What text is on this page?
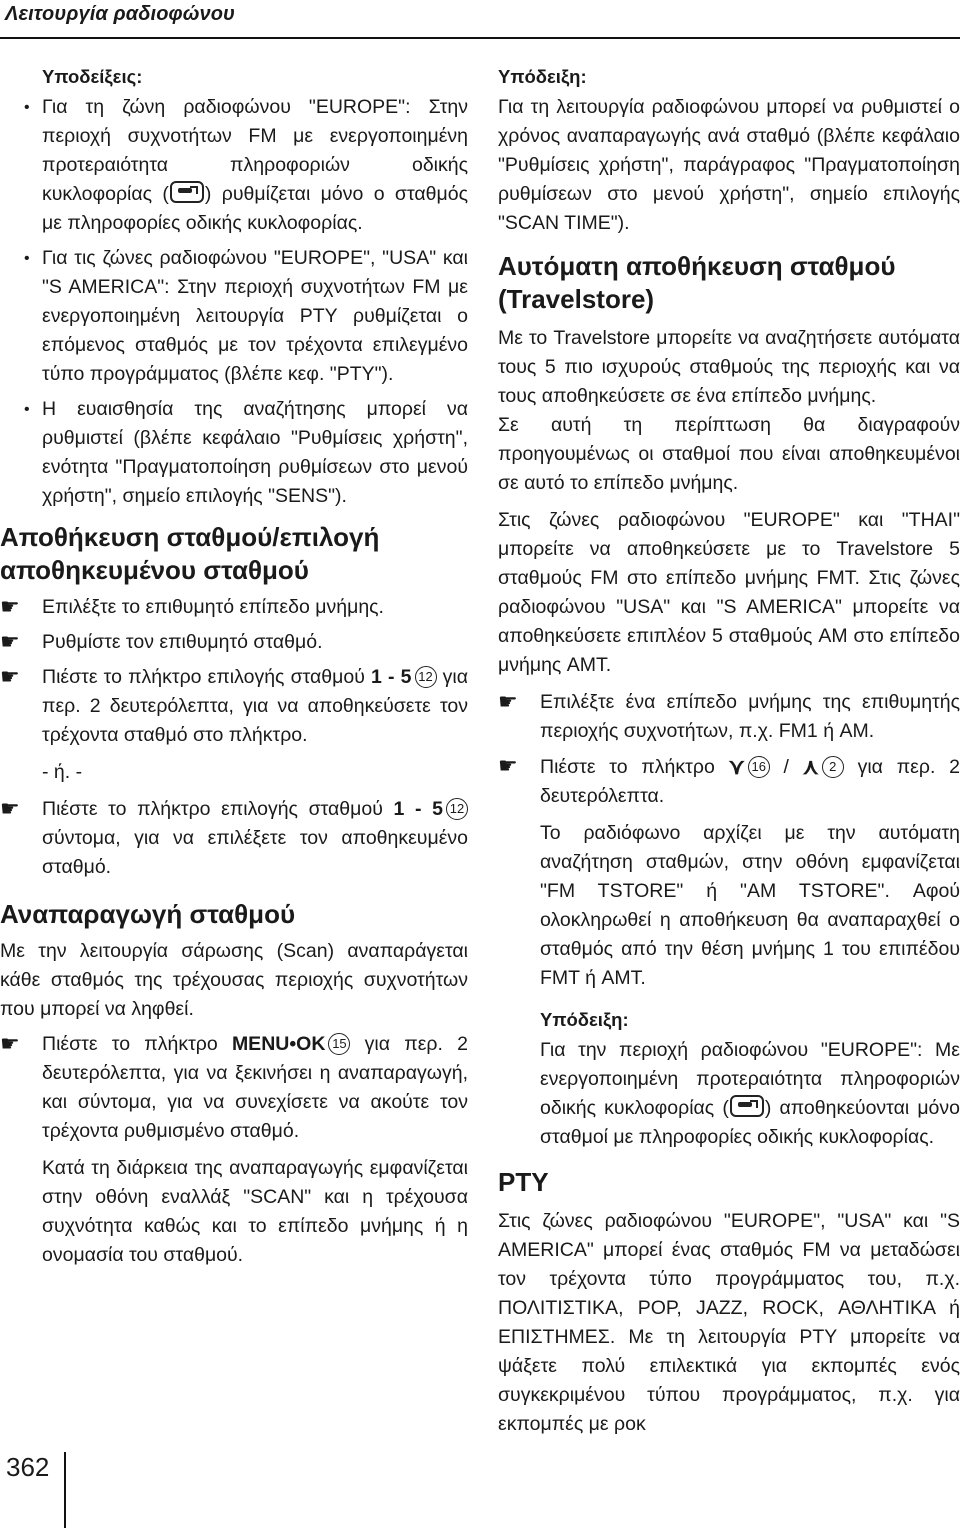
Λειτουργία ραδιοφώνου

Υποδείξεις:

• Για τη ζώνη ραδιοφώνου "EUROPE": Στην περιοχή συχνοτήτων FM με ενεργοποιημένη προτεραιότητα πληροφοριών οδικής κυκλοφορίας ( ) ρυθμίζεται μόνο ο σταθμός με πληροφορίες οδικής κυκλοφορίας.
• Για τις ζώνες ραδιοφώνου "EUROPE", "USA" και "S AMERICA": Στην περιοχή συχνοτήτων FM με ενεργοποιημένη λειτουργία PTY ρυθμίζεται ο επόμενος σταθμός με τον τρέχοντα επιλεγμένο τύπο προγράμματος (βλέπε κεφ. "PTY").
• Η ευαισθησία της αναζήτησης μπορεί να ρυθμιστεί (βλέπε κεφάλαιο "Ρυθμίσεις χρήστη", ενότητα "Πραγματοποίηση ρυθμίσεων στο μενού χρήστη", σημείο επιλογής "SENS").
Αποθήκευση σταθμού/επιλογή αποθηκευμένου σταθμού

☛ Επιλέξτε το επιθυμητό επίπεδο μνήμης.

☛ Ρυθμίστε τον επιθυμητό σταθμό.

☛ Πιέστε το πλήκτρο επιλογής σταθμού 1 - 5 12 για περ. 2 δευτερόλεπτα, για να αποθηκεύσετε τον τρέχοντα σταθμό στο πλήκτρο.

- ή. -

☛ Πιέστε το πλήκτρο επιλογής σταθμού 1 - 5 12 σύντομα, για να επιλέξετε τον αποθηκευμένο σταθμό.

Αναπαραγωγή σταθμού

Με την λειτουργία σάρωσης (Scan) αναπαράγεται κάθε σταθμός της τρέχουσας περιοχής συχνοτήτων που μπορεί να ληφθεί.

☛ Πιέστε το πλήκτρο MENU•OK 15 για περ. 2 δευτερόλεπτα, για να ξεκινήσει η αναπαραγωγή, και σύντομα, για να συνεχίσετε να ακούτε τον τρέχοντα ρυθμισμένο σταθμό.

Κατά τη διάρκεια της αναπαραγωγής εμφανίζεται στην οθόνη εναλλάξ "SCAN" και η τρέχουσα συχνότητα καθώς και το επίπεδο μνήμης ή η ονομασία του σταθμού.

Υπόδειξη:

Για τη λειτουργία ραδιοφώνου μπορεί να ρυθμιστεί ο χρόνος αναπαραγωγής ανά σταθμό (βλέπε κεφάλαιο "Ρυθμίσεις χρήστη", παράγραφος "Πραγματοποίηση ρυθμίσεων στο μενού χρήστη", σημείο επιλογής "SCAN TIME").

Αυτόματη αποθήκευση σταθμού (Travelstore)

Με το Travelstore μπορείτε να αναζητήσετε αυτόματα τους 5 πιο ισχυρούς σταθμούς της περιοχής και να τους αποθηκεύσετε σε ένα επίπεδο μνήμης.

Σε αυτή τη περίπτωση θα διαγραφούν προηγουμένως οι σταθμοί που είναι αποθηκευμένοι σε αυτό το επίπεδο μνήμης.

Στις ζώνες ραδιοφώνου "EUROPE" και "THAI" μπορείτε να αποθηκεύσετε με το Travelstore 5 σταθμούς FM στο επίπεδο μνήμης FMT. Στις ζώνες ραδιοφώνου "USA" και "S AMERICA" μπορείτε να αποθηκεύσετε επιπλέον 5 σταθμούς AM στο επίπεδο μνήμης AMT.

☛ Επιλέξτε ένα επίπεδο μνήμης της επιθυμητής περιοχής συχνοτήτων, π.χ. FM1 ή AM.

☛ Πιέστε το πλήκτρο ⋎ 16 / ⋏ 2 για περ. 2 δευτερόλεπτα.

Το ραδιόφωνο αρχίζει με την αυτόματη αναζήτηση σταθμών, στην οθόνη εμφανίζεται "FM TSTORE" ή "AM TSTORE". Αφού ολοκληρωθεί η αποθήκευση θα αναπαραχθεί ο σταθμός από την θέση μνήμης 1 του επιπέδου FMT ή AMT.

Υπόδειξη:

Για την περιοχή ραδιοφώνου "EUROPE": Με ενεργοποιημένη προτεραιότητα πληροφοριών οδικής κυκλοφορίας ( ) αποθηκεύονται μόνο σταθμοί με πληροφορίες οδικής κυκλοφορίας.

PTY

Στις ζώνες ραδιοφώνου "EUROPE", "USA" και "S AMERICA" μπορεί ένας σταθμός FM να μεταδώσει τον τρέχοντα τύπο προγράμματος του, π.χ. ΠΟΛΙΤΙΣΤΙΚΑ, POP, JAZZ, ROCK, ΑΘΛΗΤΙΚΑ ή ΕΠΙΣΤΗΜΕΣ. Με τη λειτουργία PTY μπορείτε να ψάξετε πολύ επιλεκτικά για εκπομπές ενός συγκεκριμένου τύπου προγράμματος, π.χ. για εκπομπές με ροκ

362
